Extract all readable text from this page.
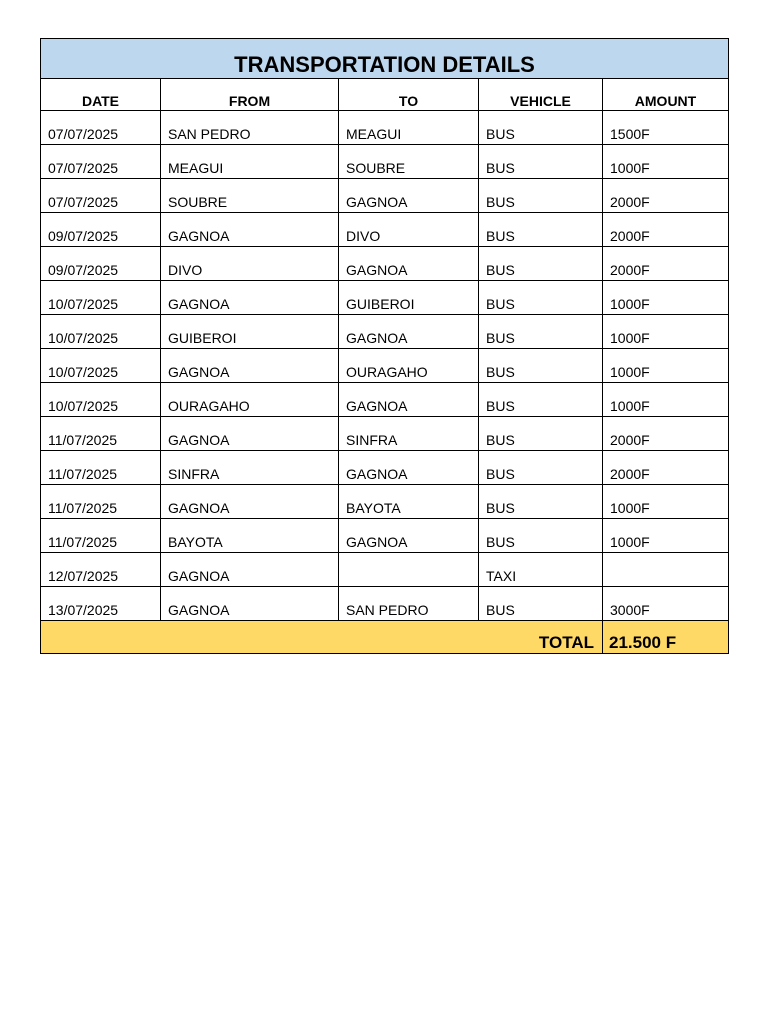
TRANSPORTATION DETAILS				
DATE	FROM	TO	VEHICLE	AMOUNT
07/07/2025	SAN PEDRO	MEAGUI	BUS	1500F
07/07/2025	MEAGUI	SOUBRE	BUS	1000F
07/07/2025	SOUBRE	GAGNOA	BUS	2000F
09/07/2025	GAGNOA	DIVO	BUS	2000F
09/07/2025	DIVO	GAGNOA	BUS	2000F
10/07/2025	GAGNOA	GUIBEROI	BUS	1000F
10/07/2025	GUIBEROI	GAGNOA	BUS	1000F
10/07/2025	GAGNOA	OURAGAHO	BUS	1000F
10/07/2025	OURAGAHO	GAGNOA	BUS	1000F
11/07/2025	GAGNOA	SINFRA	BUS	2000F
11/07/2025	SINFRA	GAGNOA	BUS	2000F
11/07/2025	GAGNOA	BAYOTA	BUS	1000F
11/07/2025	BAYOTA	GAGNOA	BUS	1000F
12/07/2025	GAGNOA		TAXI	
13/07/2025	GAGNOA	SAN PEDRO	BUS	3000F
TOTAL				21.500 F
